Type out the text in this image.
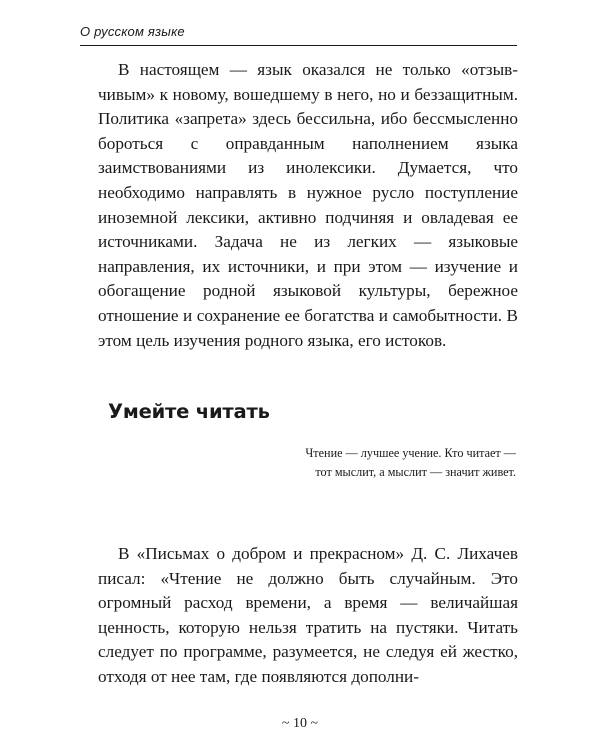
О русском языке

В настоящем — язык оказался не только «отзывчивым» к новому, вошедшему в него, но и беззащитным. Политика «запрета» здесь бессильна, ибо бессмысленно бороться с оправданным наполнением языка заимствованиями из инолексики. Думается, что необходимо направлять в нужное русло поступление иноземной лексики, активно подчиняя и овладевая ее источниками. Задача не из легких — языковые направления, их источники, и при этом — изучение и обогащение родной языковой культуры, бережное отношение и сохранение ее богатства и самобытности. В этом цель изучения родного языка, его истоков.

Умейте читать

Чтение — лучшее учение. Кто читает —
тот мыслит, а мыслит — значит живет.

В «Письмах о добром и прекрасном» Д. С. Лихачев писал: «Чтение не должно быть случайным. Это огромный расход времени, а время — величайшая ценность, которую нельзя тратить на пустяки. Читать следует по программе, разумеется, не следуя ей жестко, отходя от нее там, где появляются дополни-

~ 10 ~
